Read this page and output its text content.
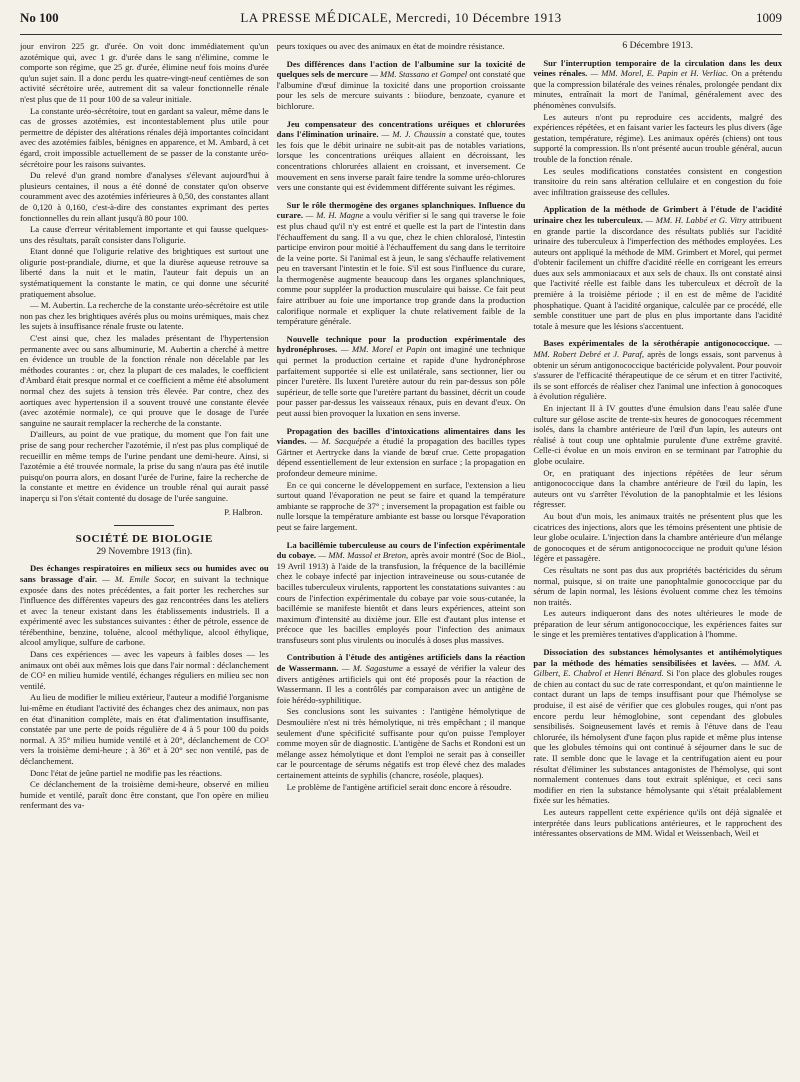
No 100	LA PRESSE MÉDICALE, Mercredi, 10 Décembre 1913	1009

jour environ 225 gr. d'urée. On voit donc immédiatement qu'un azotémique qui, avec 1 gr. d'urée dans le sang n'élimine, comme le comporte son régime, que 25 gr. d'urée, élimine neuf fois moins d'urée qu'un sujet sain. Il a donc perdu les quatre-vingt-neuf centièmes de son activité sécrétoire urée, autrement dit sa valeur fonctionnelle rénale n'est plus que de 11 pour 100 de sa valeur initiale.

La constante uréo-sécrétoire, tout en gardant sa valeur, même dans le cas de grosses azotémies, est incontestablement plus utile pour permettre de dépister des altérations rénales déjà importantes coïncidant avec des azotémies faibles, bénignes en apparence, et M. Ambard, à cet égard, croit impossible actuellement de se passer de la constante uréo-sécrétoire pour les raisons suivantes.

Du relevé d'un grand nombre d'analyses s'élevant aujourd'hui à plusieurs centaines, il nous a été donné de constater qu'on observe couramment avec des azotémies inférieures à 0,50, des constantes allant de 0,120 à 0,160, c'est-à-dire des constantes exprimant des pertes fonctionnelles du rein allant jusqu'à 80 pour 100.

La cause d'erreur véritablement importante et qui fausse quelques-uns des résultats, paraît consister dans l'oligurie.

Etant donné que l'oligurie relative des brightiques est surtout une oligurie post-prandiale, diurne, et que la diurèse aqueuse retrouve sa liberté dans la nuit et le matin, l'auteur fait depuis un an systématiquement la constante le matin, ce qui donne une sécurité pratiquement absolue.

— M. Aubertin. La recherche de la constante uréo-sécrétoire est utile non pas chez les brightiques avérés plus ou moins urémiques, mais chez les sujets à insuffisance rénale fruste ou latente.

C'est ainsi que, chez les malades présentant de l'hypertension permanente avec ou sans albuminurie, M. Aubertin a cherché à mettre en évidence un trouble de la fonction rénale non décelable par les méthodes courantes : or, chez la plupart de ces malades, le coefficient d'Ambard était presque normal et ce coefficient a même été absolument normal chez des sujets à tension très élevée. Par contre, chez des aortiques avec hypertension il a souvent trouvé une constante élevée (avec azotémie normale), ce qui prouve que le dosage de l'urée sanguine ne saurait remplacer la recherche de la constante.

D'ailleurs, au point de vue pratique, du moment que l'on fait une prise de sang pour rechercher l'azotémie, il n'est pas plus compliqué de recueillir en même temps de l'urine pendant une demi-heure. Ainsi, si l'azotémie a été trouvée normale, la prise du sang n'aura pas été inutile puisqu'on pourra alors, en dosant l'urée de l'urine, faire la recherche de la constante et mettre en évidence un trouble rénal qui aurait passé inaperçu si l'on s'était contenté du dosage de l'urée sanguine.

P. Halbron.

SOCIÉTÉ DE BIOLOGIE
29 Novembre 1913 (fin).

Des échanges respiratoires en milieux secs ou humides avec ou sans brassage d'air. — M. Emile Socor, en suivant la technique exposée dans des notes précédentes, a fait porter les recherches sur l'influence des différentes vapeurs des gaz rencontrées dans les ateliers et avec la teneur existant dans les établissements industriels. Il a expérimenté avec les substances suivantes : éther de pétrole, essence de térébenthine, benzine, toluène, alcool méthylique, alcool éthylique, alcool amylique, sulfure de carbone.

Dans ces expériences — avec les vapeurs à faibles doses — les animaux ont obéi aux mêmes lois que dans l'air normal : déclanchement de CO² en milieu humide ventilé, échanges réguliers en milieu sec non ventilé.

Au lieu de modifier le milieu extérieur, l'auteur a modifié l'organisme lui-même en étudiant l'activité des échanges chez des animaux, non pas en état d'inanition complète, mais en état d'alimentation insuffisante, constatée par une perte de poids régulière de 4 à 5 pour 100 du poids normal. A 35° milieu humide ventilé et à 20°, déclanchement de CO² vers la troisième demi-heure ; à 36° et à 20° sec non ventilé, pas de déclanchement.

Donc l'état de jeûne partiel ne modifie pas les réactions.

Ce déclanchement de la troisième demi-heure, observé en milieu humide et ventilé, paraît donc être constant, que l'on opère en milieu renfermant des va-

peurs toxiques ou avec des animaux en état de moindre résistance.

Des différences dans l'action de l'albumine sur la toxicité de quelques sels de mercure — MM. Stassano et Gompel ont constaté que l'albumine d'œuf diminue la toxicité dans une proportion croissante pour les sels de mercure suivants : biiodure, benzoate, cyanure et bichlorure.

Jeu compensateur des concentrations uréiques et chlorurées dans l'élimination urinaire. — M. J. Chaussin a constaté que, toutes les fois que le débit urinaire ne subit-ait pas de notables variations, lorsque les concentrations uréiques allaient en décroissant, les concentrations chlorurées allaient en croissant, et inversement. Ce mouvement en sens inverse paraît faire tendre la somme uréo-chlorures vers une constante qui est évidemment différente suivant les régimes.

Sur le rôle thermogène des organes splanchniques. Influence du curare. — M. H. Magne a voulu vérifier si le sang qui traverse le foie est plus chaud qu'il n'y est entré et quelle est la part de l'intestin dans l'échauffement du sang. Il a vu que, chez le chien chloralosé, l'intestin participe environ pour moitié à l'échauffement du sang dans le territoire de la veine porte. Si l'animal est à jeun, le sang s'échauffe relativement peu en traversant l'intestin et le foie. S'il est sous l'influence du curare, la thermogenèse augmente beaucoup dans les organes splanchniques, comme pour suppléer la production musculaire qui baisse. Ce fait peut faire attribuer au foie une importance trop grande dans la production calorifique normale et expliquer la chute relativement faible de la température générale.

Nouvelle technique pour la production expérimentale des hydronéphroses. — MM. Morel et Papin ont imaginé une technique qui permet la production certaine et rapide d'une hydronéphrose parfaitement supportée si elle est unilatérale, sans sectionner, lier ou pincer l'uretère. Ils luxent l'uretère autour du rein par-dessus son pôle supérieur, de telle sorte que l'uretère partant du bassinet, décrit un coude pour passer par-dessus les vaisseaux rénaux, puis en devant d'eux. On peut aussi bien provoquer la luxation en sens inverse.

Propagation des bacilles d'intoxications alimentaires dans les viandes. — M. Sacquépée a étudié la propagation des bacilles types Gärtner et Aertrycke dans la viande de bœuf crue. Cette propagation dépend essentiellement de leur extension en surface ; la propagation en profondeur demeure minime.

En ce qui concerne le développement en surface, l'extension a lieu surtout quand l'évaporation ne peut se faire et quand la température ambiante se rapproche de 37° ; inversement la propagation est faible ou nulle lorsque la température ambiante est basse ou lorsque l'évaporation peut se faire largement.

La bacillémie tuberculeuse au cours de l'infection expérimentale du cobaye. — MM. Massol et Breton, après avoir montré (Soc de Biol., 19 Avril 1913) à l'aide de la transfusion, la fréquence de la bacillémie chez le cobaye infecté par injection intraveineuse ou sous-cutanée de bacilles tuberculeux virulents, rapportent les constatations suivantes : au cours de l'infection expérimentale du cobaye par voie sous-cutanée, la bacillémie se manifeste bientôt et dans leurs expériences, atteint son maximum d'intensité au dixième jour. Elle est d'autant plus intense et précoce que les bacilles employés pour l'infection des animaux transfuseurs sont plus virulents ou inoculés à doses plus massives.

Contribution à l'étude des antigènes artificiels dans la réaction de Wassermann. — M. Sagastume a essayé de vérifier la valeur des divers antigènes artificiels qui ont été proposés pour la réaction de Wassermann. Il les a contrôlés par comparaison avec un antigène de foie hérédo-syphilitique.

Ses conclusions sont les suivantes : l'antigène hémolytique de Desmoulière n'est ni très hémolytique, ni très empêchant ; il manque seulement d'une spécificité suffisante pour qu'on puisse l'employer comme moyen sûr de diagnostic. L'antigène de Sachs et Rondoni est un mélange assez hémolytique et dont l'emploi ne serait pas à conseiller car le pourcentage de sérums négatifs est trop élevé chez des malades certainement atteints de syphilis (chancre, roséole, plaques).

Le problème de l'antigène artificiel serait donc encore à résoudre.

6 Décembre 1913.

Sur l'interruption temporaire de la circulation dans les deux veines rénales. — MM. Morel, E. Papin et H. Verliac. On a prétendu que la compression bilatérale des veines rénales, prolongée pendant dix minutes, entraînait la mort de l'animal, généralement avec des phénomènes convulsifs.

Les auteurs n'ont pu reproduire ces accidents, malgré des expériences répétées, et en faisant varier les facteurs les plus divers (âge gestation, température, régime). Les animaux opérés (chiens) ont tous supporté la compression. Ils n'ont présenté aucun trouble général, aucun trouble de la fonction rénale.

Les seules modifications constatées consistent en congestion transitoire du rein sans altération cellulaire et en congestion du foie avec infiltration graisseuse des cellules.

Application de la méthode de Grimbert à l'étude de l'acidité urinaire chez les tuberculeux. — MM. H. Labbé et G. Vitry attribuent en grande partie la discordance des résultats publiés sur l'acidité urinaire des tuberculeux à l'imperfection des méthodes employées. Les auteurs ont appliqué la méthode de MM. Grimbert et Morel, qui permet d'obtenir facilement un chiffre d'acidité réelle en corrigeant les erreurs dues aux sels ammoniacaux et aux sels de chaux. Ils ont constaté ainsi que l'activité réelle est faible dans les tuberculeux et décroît de la première à la troisième période ; il en est de même de l'acidité phosphatique. Quant à l'acidité organique, calculée par ce procédé, elle semble constituer une part de plus en plus importante dans l'acidité totale à mesure que les lésions s'accentuent.

Bases expérimentales de la sérothérapie antigonococcique. — MM. Robert Debré et J. Paraf, après de longs essais, sont parvenus à obtenir un sérum antigonococcique bactéricide polyvalent. Pour pouvoir s'assurer de l'efficacité thérapeutique de ce sérum et en titrer l'activité, ils se sont efforcés de réaliser chez l'animal une infection à gonocoques à évolution régulière.

En injectant II à IV gouttes d'une émulsion dans l'eau salée d'une culture sur gélose ascite de trente-six heures de gonocoques récemment isolés, dans la chambre antérieure de l'œil d'un lapin, les auteurs ont réalisé à tout coup une ophtalmie purulente d'une extrême gravité. Celle-ci évolue en un mois environ en se terminant par l'atrophie du globe oculaire.

Or, en pratiquant des injections répétées de leur sérum antigonococcique dans la chambre antérieure de l'œil du lapin, les auteurs ont vu s'arrêter l'évolution de la panophtalmie et les lésions régresser.

Au bout d'un mois, les animaux traités ne présentent plus que les cicatrices des injections, alors que les témoins présentent une phtisie de leur globe oculaire. L'injection dans la chambre antérieure d'un mélange de gonocoques et de sérum antigonococcique ne produit qu'une lésion légère et passagère.

Ces résultats ne sont pas dus aux propriétés bactéricides du sérum normal, puisque, si on traite une panophtalmie gonococcique par du sérum de lapin normal, les lésions évoluent comme chez les témoins non traités.

Les auteurs indiqueront dans des notes ultérieures le mode de préparation de leur sérum antigonococcique, les expériences faites sur le singe et les premières tentatives d'application à l'homme.

Dissociation des substances hémolysantes et antihémolytiques par la méthode des hématies sensibilisées et lavées. — MM. A. Gilbert, E. Chabrol et Henri Bénard. Si l'on place des globules rouges de chien au contact du suc de rate correspondant, et qu'on maintienne le contact durant un laps de temps insuffisant pour que l'hémolyse se produise, il est aisé de vérifier que ces globules rouges, qui n'ont pas encore perdu leur hémoglobine, sont cependant des globules sensibilisés. Soigneusement lavés et remis à l'étuve dans de l'eau chlorurée, ils hémolysent d'une façon plus rapide et même plus intense que les globules témoins qui ont continué à séjourner dans le suc de rate. Il semble donc que le lavage et la centrifugation aient eu pour résultat d'éliminer les substances antagonistes de l'hémolyse, qui sont normalement contenues dans tout extrait splénique, et ceci sans modifier en rien la substance hémolysante qui s'était préalablement fixée sur les hématies.

Les auteurs rappellent cette expérience qu'ils ont déjà signalée et interprétée dans leurs publications antérieures, et le rapprochent des intéressantes observations de MM. Widal et Weissenbach, Weil et
